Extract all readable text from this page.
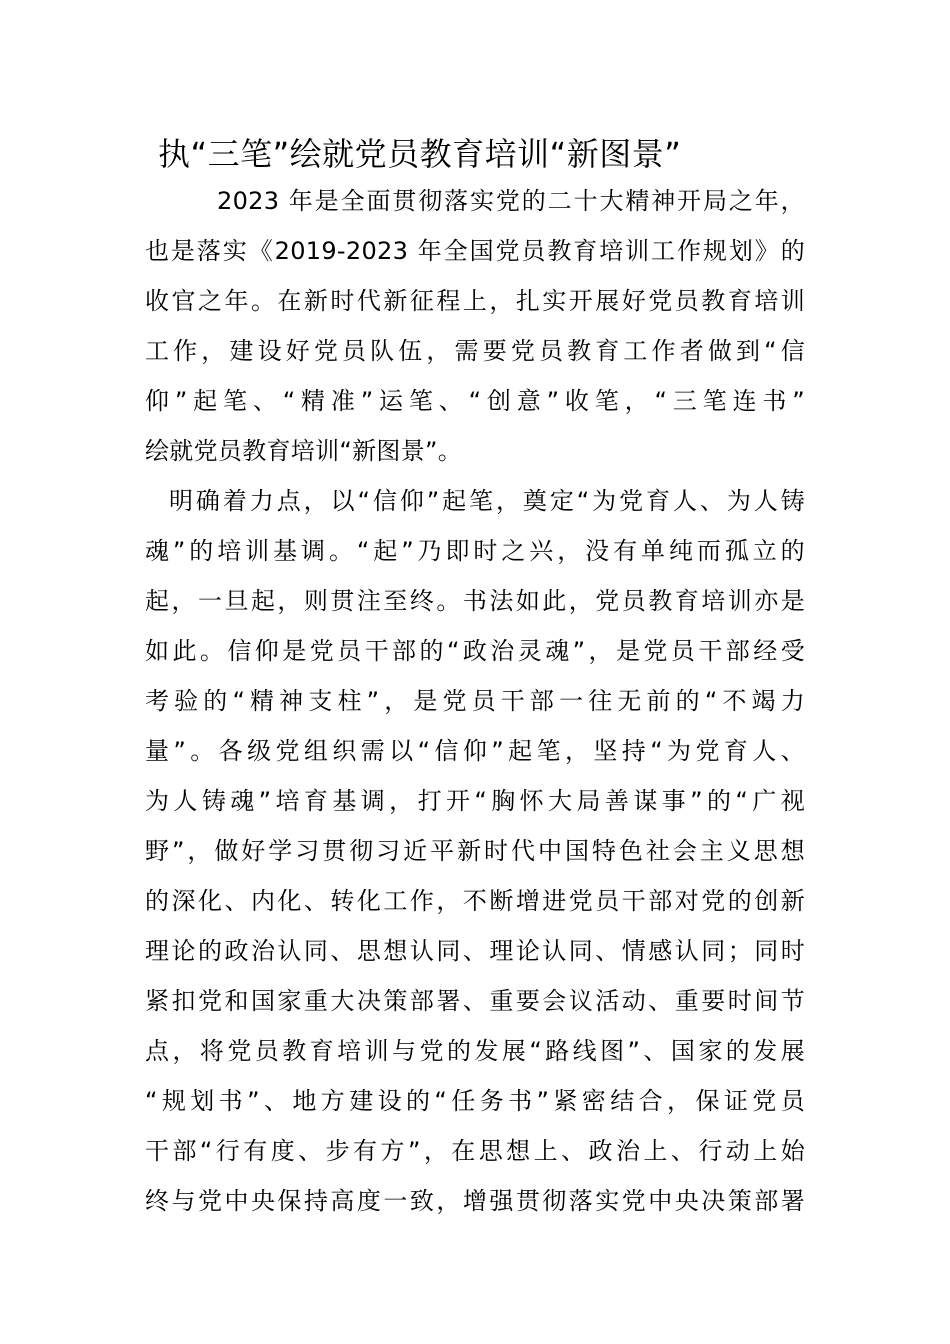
执“三笔”绘就党员教育培训“新图景”
2023 年是全面贯彻落实党的二十大精神开局之年，
也是落实《2019-2023 年全国党员教育培训工作规划》的
收官之年。在新时代新征程上，扎实开展好党员教育培训
工作，建设好党员队伍，需要党员教育工作者做到“信
仰”起笔、“精准”运笔、“创意”收笔，“三笔连书”
绘就党员教育培训“新图景”。
明确着力点，以“信仰”起笔，奠定“为党育人、为人铸
魂”的培训基调。“起”乃即时之兴，没有单纯而孤立的
起，一旦起，则贯注至终。书法如此，党员教育培训亦是
如此。信仰是党员干部的“政治灵魂”，是党员干部经受
考验的“精神支柱”，是党员干部一往无前的“不竭力
量”。各级党组织需以“信仰”起笔，坚持“为党育人、
为人铸魂”培育基调，打开“胸怀大局善谋事”的“广视
野”，做好学习贯彻习近平新时代中国特色社会主义思想
的深化、内化、转化工作，不断增进党员干部对党的创新
理论的政治认同、思想认同、理论认同、情感认同；同时
紧扣党和国家重大决策部署、重要会议活动、重要时间节
点，将党员教育培训与党的发展“路线图”、国家的发展
“规划书”、地方建设的“任务书”紧密结合，保证党员
干部“行有度、步有方”，在思想上、政治上、行动上始
终与党中央保持高度一致，增强贯彻落实党中央决策部署
